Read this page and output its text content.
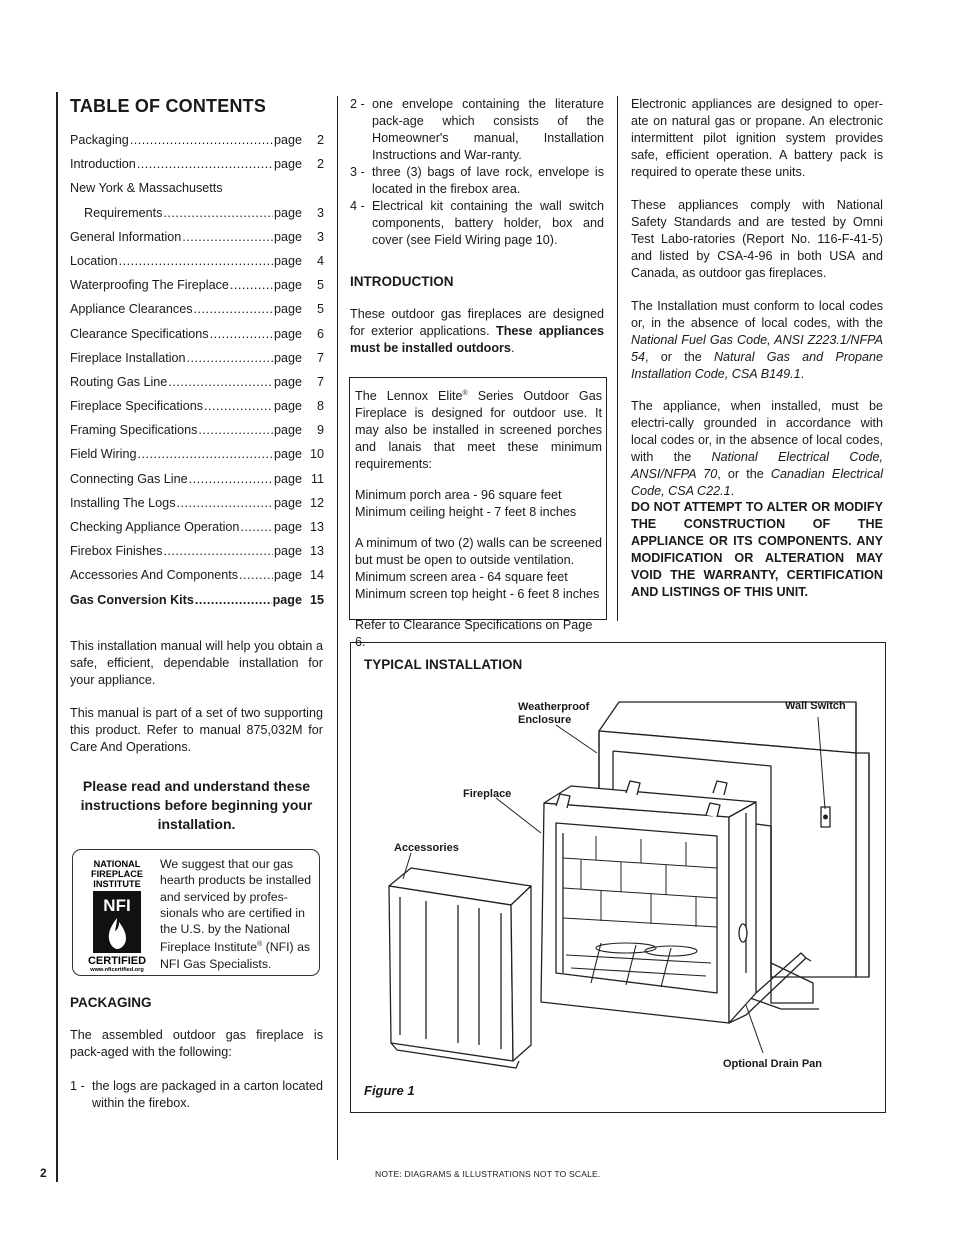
TABLE OF CONTENTS
Packaging .....	page	2
Introduction .....	page	2
New York & Massachusetts
Requirements .....	page	3
General Information .....	page	3
Location .....	page	4
Waterproofing The Fireplace .....	page	5
Appliance Clearances .....	page	5
Clearance Specifications .....	page	6
Fireplace Installation .....	page	7
Routing Gas Line .....	page	7
Fireplace Specifications .....	page	8
Framing Specifications .....	page	9
Field Wiring .....	page 10
Connecting Gas Line .....	page 11
Installing The Logs .....	page 12
Checking Appliance Operation .....	page 13
Firebox Finishes .....	page 13
Accessories And Components .....	page 14
Gas Conversion Kits .....	page 15

This installation manual will help you obtain a safe, efficient, dependable installation for your appliance.

This manual is part of a set of two supporting this product. Refer to manual 875,032M for Care And Operations.

Please read and understand these instructions before beginning your installation.
NATIONAL
FIREPLACE
INSTITUTE
NFI
CERTIFIED
www.nficertified.org
We suggest that our gas hearth products be installed and serviced by profes-sionals who are certified in the U.S. by the National Fireplace Institute® (NFI) as NFI Gas Specialists.
PACKAGING

The assembled outdoor gas fireplace is pack-aged with the following:

1 - the logs are packaged in a carton located within the firebox.
2 - one envelope containing the literature pack-age which consists of the Homeowner's manual, Installation Instructions and War-ranty.
3 - three (3) bags of lave rock, envelope is located in the firebox area.
4 - Electrical kit containing the wall switch components, battery holder, box and cover (see Field Wiring page 10).
INTRODUCTION

These outdoor gas fireplaces are designed for exterior applications. These appliances must be installed outdoors.

The Lennox Elite® Series Outdoor Gas Fireplace is designed for outdoor use. It may also be installed in screened porches and lanais that meet these minimum requirements:

Minimum porch area - 96 square feet
Minimum ceiling height - 7 feet 8 inches

A minimum of two (2) walls can be screened but must be open to outside ventilation.

Minimum screen area - 64 square feet
Minimum screen top height - 6 feet 8 inches
Refer to Clearance Specifications on Page 6.

Electronic appliances are designed to oper-ate on natural gas or propane. An electronic intermittent pilot ignition system provides safe, efficient operation. A battery pack is required to operate these units.

These appliances comply with National Safety Standards and are tested by Omni Test Labo-ratories (Report No. 116-F-41-5) and listed by CSA-4-96 in both USA and Canada, as outdoor gas fireplaces.

The Installation must conform to local codes or, in the absence of local codes, with the National Fuel Gas Code, ANSI Z223.1/NFPA 54, or the Natural Gas and Propane Installation Code, CSA B149.1.

The appliance, when installed, must be electri-cally grounded in accordance with local codes or, in the absence of local codes, with the National Electrical Code, ANSI/NFPA 70, or the Canadian Electrical Code, CSA C22.1.

DO NOT ATTEMPT TO ALTER OR MODIFY THE CONSTRUCTION OF THE APPLIANCE OR ITS COMPONENTS. ANY MODIFICATION OR ALTERATION MAY VOID THE WARRANTY, CERTIFICATION AND LISTINGS OF THIS UNIT.

TYPICAL INSTALLATION
Weatherproof
Enclosure
Wall Switch
Fireplace
Accessories
Optional Drain Pan
Figure 1
2	NOTE: DIAGRAMS & ILLUSTRATIONS NOT TO SCALE.
